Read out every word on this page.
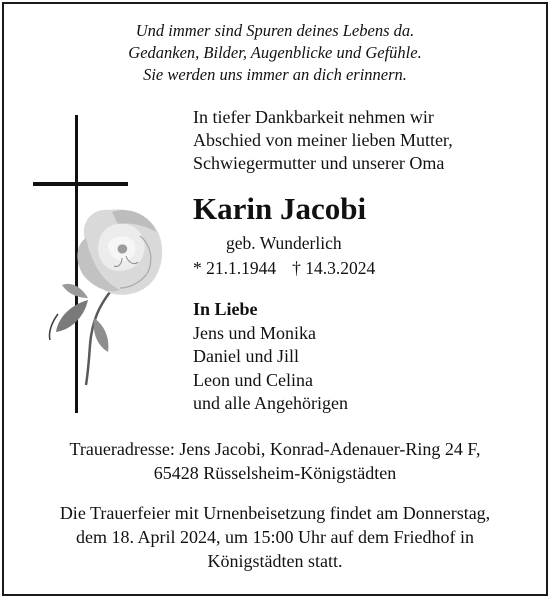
Und immer sind Spuren deines Lebens da.
Gedanken, Bilder, Augenblicke und Gefühle.
Sie werden uns immer an dich erinnern.
In tiefer Dankbarkeit nehmen wir
Abschied von meiner lieben Mutter,
Schwiegermutter und unserer Oma
Karin Jacobi
geb. Wunderlich
* 21.1.1944 † 14.3.2024
In Liebe
Jens und Monika
Daniel und Jill
Leon und Celina
und alle Angehörigen
Traueradresse: Jens Jacobi, Konrad-Adenauer-Ring 24 F,
65428 Rüsselsheim-Königstädten
Die Trauerfeier mit Urnenbeisetzung findet am Donnerstag,
dem 18. April 2024, um 15:00 Uhr auf dem Friedhof in
Königstädten statt.
